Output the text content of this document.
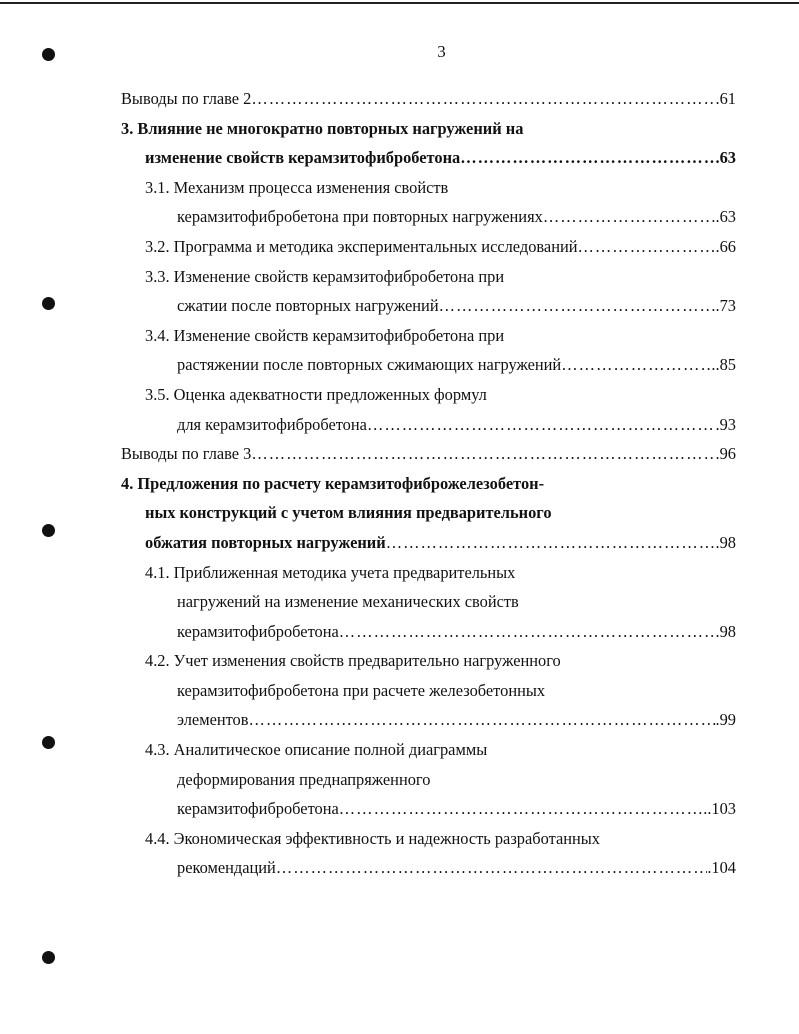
3
Выводы по главе 2 …………………………………………………………………………………………………………………………………………	.61
3. Влияние не многократно повторных нагружений на
изменение свойств керамзитофибробетона …………………………………………………………………………………………………………………………………………	.63
3.1. Механизм процесса изменения свойств
керамзитофибробетона при повторных нагружениях …………………………………………………………………………………………………………………………………………	..63
3.2. Программа и методика экспериментальных исследований …………………………………………………………………………………………………………………………………………	.66
3.3. Изменение свойств керамзитофибробетона при
сжатии после повторных нагружений …………………………………………………………………………………………………………………………………………	..73
3.4. Изменение свойств керамзитофибробетона при
растяжении после повторных сжимающих нагружений …………………………………………………………………………………………………………………………………………	..85
3.5. Оценка адекватности предложенных формул
для керамзитофибробетона …………………………………………………………………………………………………………………………………………	.93
Выводы по главе 3 …………………………………………………………………………………………………………………………………………	.96
4. Предложения по расчету керамзитофиброжелезобетон-
ных конструкций с учетом влияния предварительного
обжатия повторных нагружений …………………………………………………………………………………………………………………………………………	.98
4.1. Приближенная методика учета предварительных
нагружений на изменение механических свойств
керамзитофибробетона …………………………………………………………………………………………………………………………………………	.98
4.2. Учет изменения свойств предварительно нагруженного
керамзитофибробетона при расчете железобетонных
элементов …………………………………………………………………………………………………………………………………………	.99
4.3. Аналитическое описание полной диаграммы
деформирования преднапряженного
керамзитофибробетона …………………………………………………………………………………………………………………………………………	..103
4.4. Экономическая эффективность и надежность разработанных
рекомендаций …………………………………………………………………………………………………………………………………………	.104
